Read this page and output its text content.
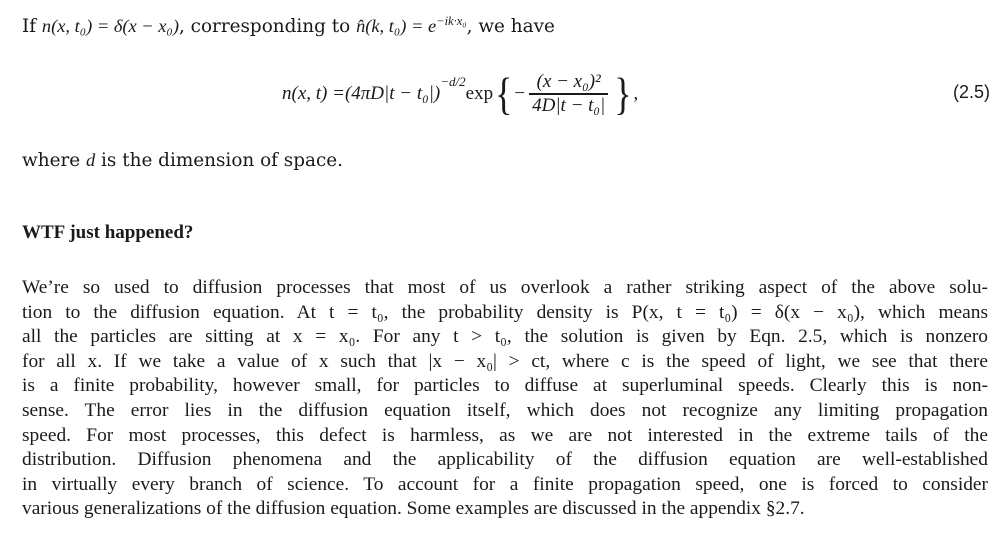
If n(x, t₀) = δ(x − x₀), corresponding to n̂(k, $t_0) = e^{-ik\cdot x_0}$, we have
n(x, t) = (4πD|t − t₀|)
$^{-d/2}$
exp { − $\frac{\text{(x − x₀)²}}{\text{4D|t − t₀|}}$ } ,	(2.5)
where d is the dimension of space.
WTF just happened?
We’re so used to diffusion processes that most of us overlook a rather striking aspect of the above solu-
tion to the diffusion equation. At t = t₀, the probability density is P(x, t = t₀) = δ(x − x₀), which means
all the particles are sitting at x = x₀. For any t > t₀, the solution is given by Eqn. 2.5, which is nonzero
for all x. If we take a value of x such that |x − x₀| > ct, where c is the speed of light, we see that there
is a finite probability, however small, for particles to diffuse at superluminal speeds. Clearly this is non-
sense. The error lies in the diffusion equation itself, which does not recognize any limiting propagation
speed. For most processes, this defect is harmless, as we are not interested in the extreme tails of the
distribution. Diffusion phenomena and the applicability of the diffusion equation are well-established
in virtually every branch of science. To account for a finite propagation speed, one is forced to consider
various generalizations of the diffusion equation. Some examples are discussed in the appendix §2.7.
